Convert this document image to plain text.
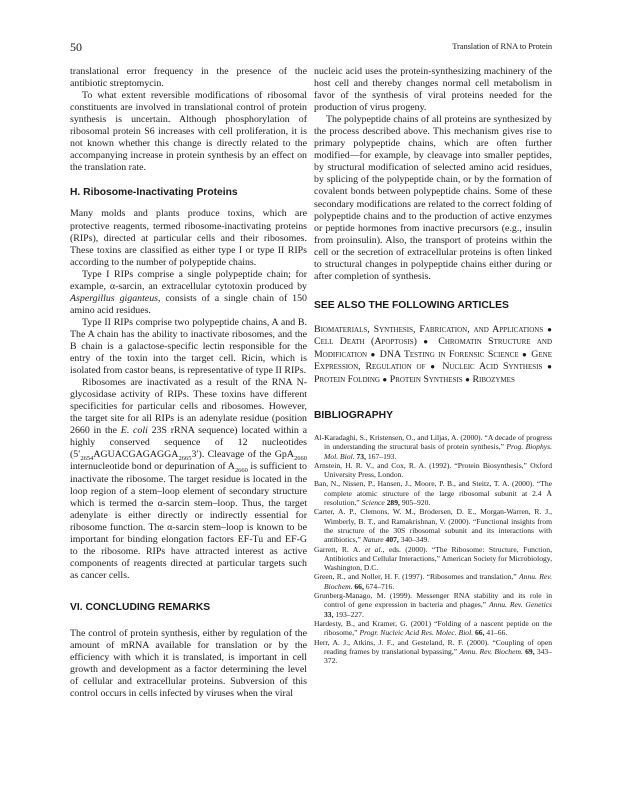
50	Translation of RNA to Protein

translational error frequency in the presence of the antibiotic streptomycin.

To what extent reversible modifications of ribosomal constituents are involved in translational control of protein synthesis is uncertain. Although phosphorylation of ribosomal protein S6 increases with cell proliferation, it is not known whether this change is directly related to the accompanying increase in protein synthesis by an effect on the translation rate.

H. Ribosome-Inactivating Proteins

Many molds and plants produce toxins, which are protective reagents, termed ribosome-inactivating proteins (RIPs), directed at particular cells and their ribosomes. These toxins are classified as either type I or type II RIPs according to the number of polypeptide chains.

Type I RIPs comprise a single polypeptide chain; for example, α-sarcin, an extracellular cytotoxin produced by Aspergillus giganteus, consists of a single chain of 150 amino acid residues.

Type II RIPs comprise two polypeptide chains, A and B. The A chain has the ability to inactivate ribosomes, and the B chain is a galactose-specific lectin responsible for the entry of the toxin into the target cell. Ricin, which is isolated from castor beans, is representative of type II RIPs.

Ribosomes are inactivated as a result of the RNA N-glycosidase activity of RIPs. These toxins have different specificities for particular cells and ribosomes. However, the target site for all RIPs is an adenylate residue (position 2660 in the E. coli 23S rRNA sequence) located within a highly conserved sequence of 12 nucleotides $(5'_{2654}AGUACGAGAGGA_{2665}3')$. Cleavage of the GpA$_{2660}$ internucleotide bond or depurination of $A_{2660}$ is sufficient to inactivate the ribosome. The target residue is located in the loop region of a stem–loop element of secondary structure which is termed the α-sarcin stem–loop. Thus, the target adenylate is either directly or indirectly essential for ribosome function. The α-sarcin stem–loop is known to be important for binding elongation factors EF-Tu and EF-G to the ribosome. RIPs have attracted interest as active components of reagents directed at particular targets such as cancer cells.

VI. CONCLUDING REMARKS

The control of protein synthesis, either by regulation of the amount of mRNA available for translation or by the efficiency with which it is translated, is important in cell growth and development as a factor determining the level of cellular and extracellular proteins. Subversion of this control occurs in cells infected by viruses when the viral

nucleic acid uses the protein-synthesizing machinery of the host cell and thereby changes normal cell metabolism in favor of the synthesis of viral proteins needed for the production of virus progeny.

The polypeptide chains of all proteins are synthesized by the process described above. This mechanism gives rise to primary polypeptide chains, which are often further modified—for example, by cleavage into smaller peptides, by structural modification of selected amino acid residues, by splicing of the polypeptide chain, or by the formation of covalent bonds between polypeptide chains. Some of these secondary modifications are related to the correct folding of polypeptide chains and to the production of active enzymes or peptide hormones from inactive precursors (e.g., insulin from proinsulin). Also, the transport of proteins within the cell or the secretion of extracellular proteins is often linked to structural changes in polypeptide chains either during or after completion of synthesis.

SEE ALSO THE FOLLOWING ARTICLES

Biomaterials, Synthesis, Fabrication, and Applications ● Cell Death (Apoptosis) ● Chromatin Structure and Modification ● DNA Testing in Forensic Science ● Gene Expression, Regulation of ● Nucleic Acid Synthesis ● Protein Folding ● Protein Synthesis ● Ribozymes

BIBLIOGRAPHY

Al-Karadaghi, S., Kristensen, O., and Liljas, A. (2000). “A decade of progress in understanding the structural basis of protein synthesis,” Prog. Biophys. Mol. Biol. 73, 167–193.

Arnstein, H. R. V., and Cox, R. A. (1992). “Protein Biosynthesis,” Oxford University Press, London.

Ban, N., Nissen, P., Hansen, J., Moore, P. B., and Steitz, T. A. (2000). “The complete atomic structure of the large ribosomal subunit at 2.4 Å resolution,” Science 289, 905–920.

Carter, A. P., Clemons, W. M., Brodersen, D. E., Morgan-Warren, R. J., Wimberly, B. T., and Ramakrishnan, V. (2000). “Functional insights from the structure of the 30S ribosomal subunit and its interactions with antibiotics,” Nature 407, 340–349.

Garrett, R. A. et al., eds. (2000). “The Ribosome: Structure, Function, Antibiotics and Cellular Interactions,” American Society for Microbiology, Washington, D.C.

Green, R., and Noller, H. F. (1997). “Ribosomes and translation,” Annu. Rev. Biochem. 66, 674–716.

Grunberg-Manago, M. (1999). Messenger RNA stability and its role in control of gene expression in bacteria and phages,” Annu. Rev. Genetics 33, 193–227.

Hardesty, B., and Kramer, G. (2001) “Folding of a nascent peptide on the ribosome,” Progr. Nucleic Acid Res. Molec. Biol. 66, 41–66.

Herr, A. J., Atkins, J. F., and Gesteland, R. F. (2000). “Coupling of open reading frames by translational bypassing,” Annu. Rev. Biochem. 69, 343–372.
